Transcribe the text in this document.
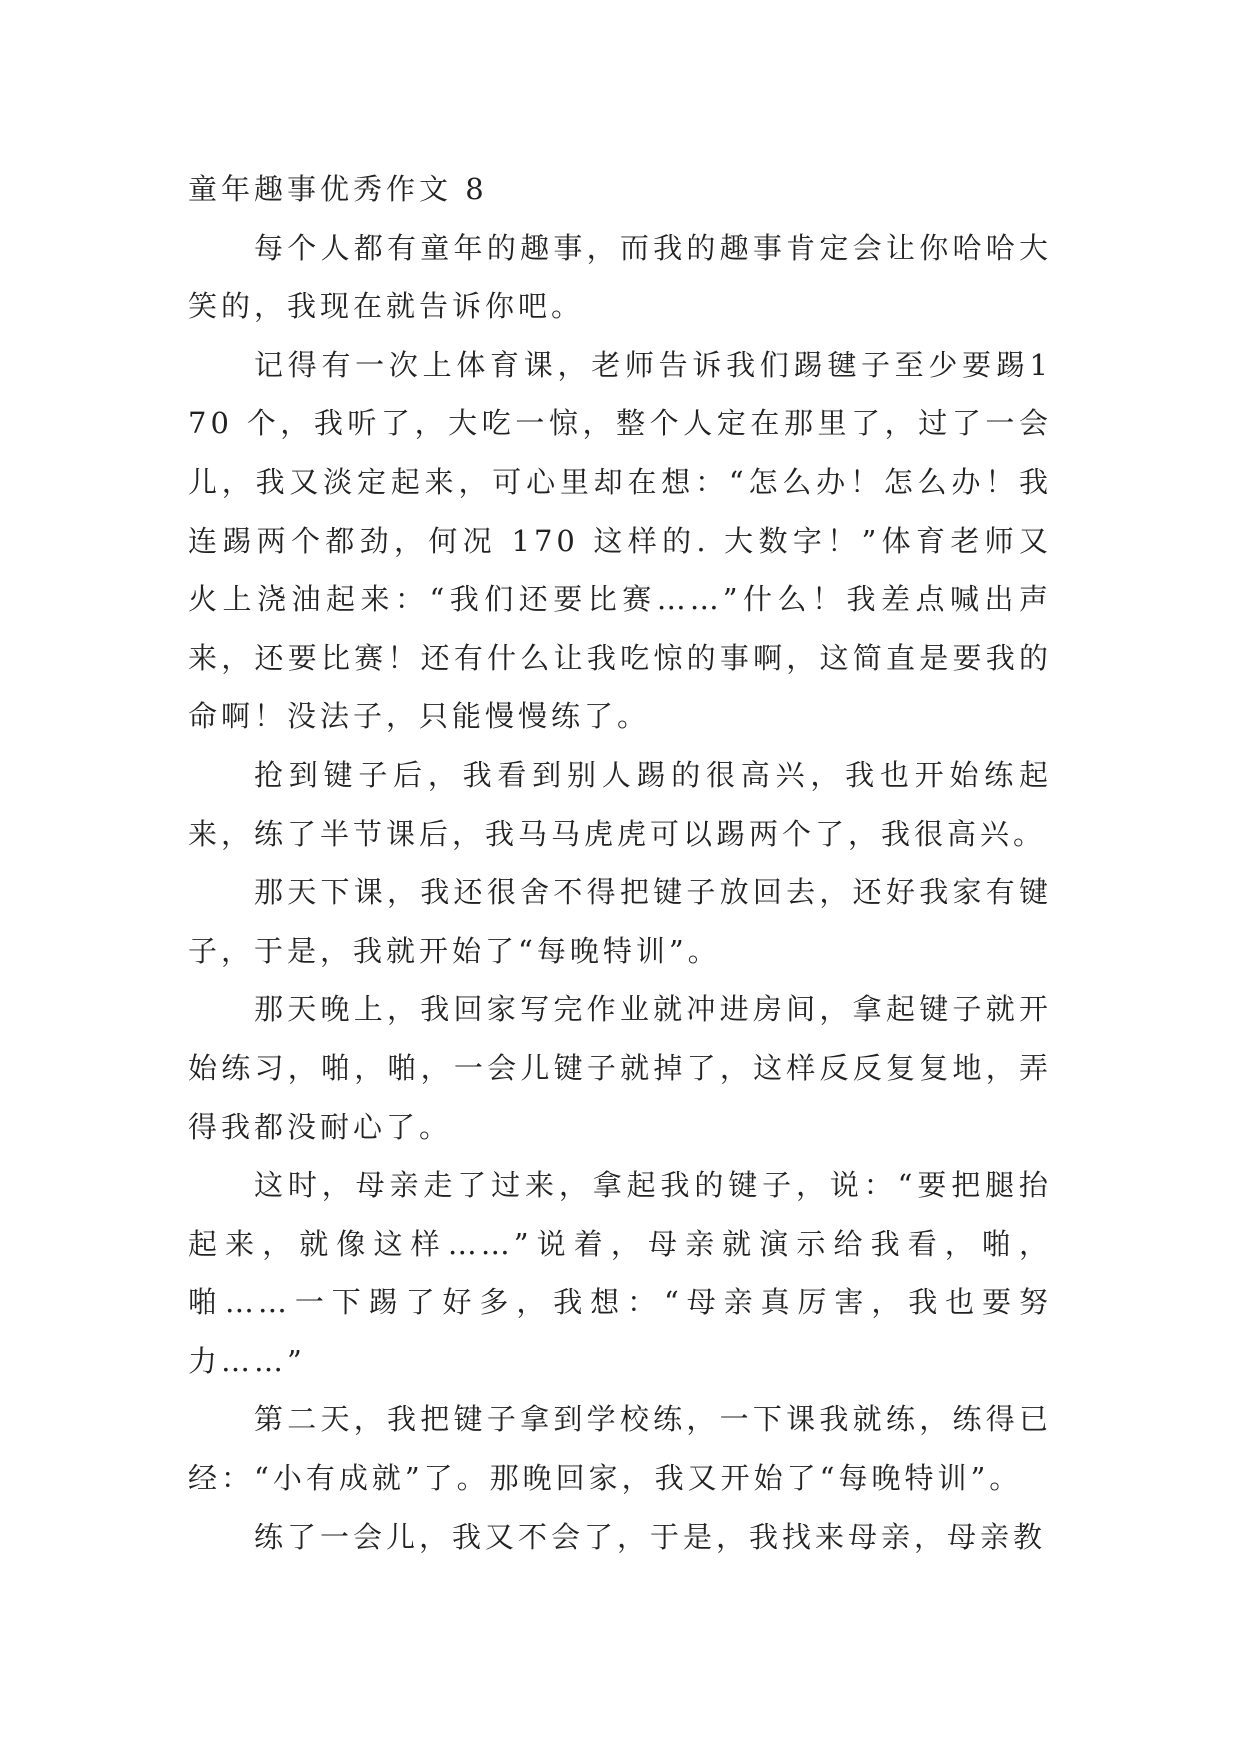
童年趣事优秀作文 8

每个人都有童年的趣事，而我的趣事肯定会让你哈哈大笑的，我现在就告诉你吧。

记得有一次上体育课，老师告诉我们踢毽子至少要踢170 个，我听了，大吃一惊，整个人定在那里了，过了一会儿，我又淡定起来，可心里却在想：“怎么办！怎么办！我连踢两个都劲，何况 170 这样的. 大数字！”体育老师又火上浇油起来：“我们还要比赛……”什么！我差点喊出声来，还要比赛！还有什么让我吃惊的事啊，这简直是要我的命啊！没法子，只能慢慢练了。

抢到键子后，我看到别人踢的很高兴，我也开始练起来，练了半节课后，我马马虎虎可以踢两个了，我很高兴。

那天下课，我还很舍不得把键子放回去，还好我家有键子，于是，我就开始了“每晚特训”。

那天晚上，我回家写完作业就冲进房间，拿起键子就开始练习，啪，啪，一会儿键子就掉了，这样反反复复地，弄得我都没耐心了。

这时，母亲走了过来，拿起我的键子，说：“要把腿抬起来，就像这样……”说着，母亲就演示给我看，啪，啪……一下踢了好多，我想：“母亲真厉害，我也要努力……”

第二天，我把键子拿到学校练，一下课我就练，练得已经：“小有成就”了。那晚回家，我又开始了“每晚特训”。

练了一会儿，我又不会了，于是，我找来母亲，母亲教
